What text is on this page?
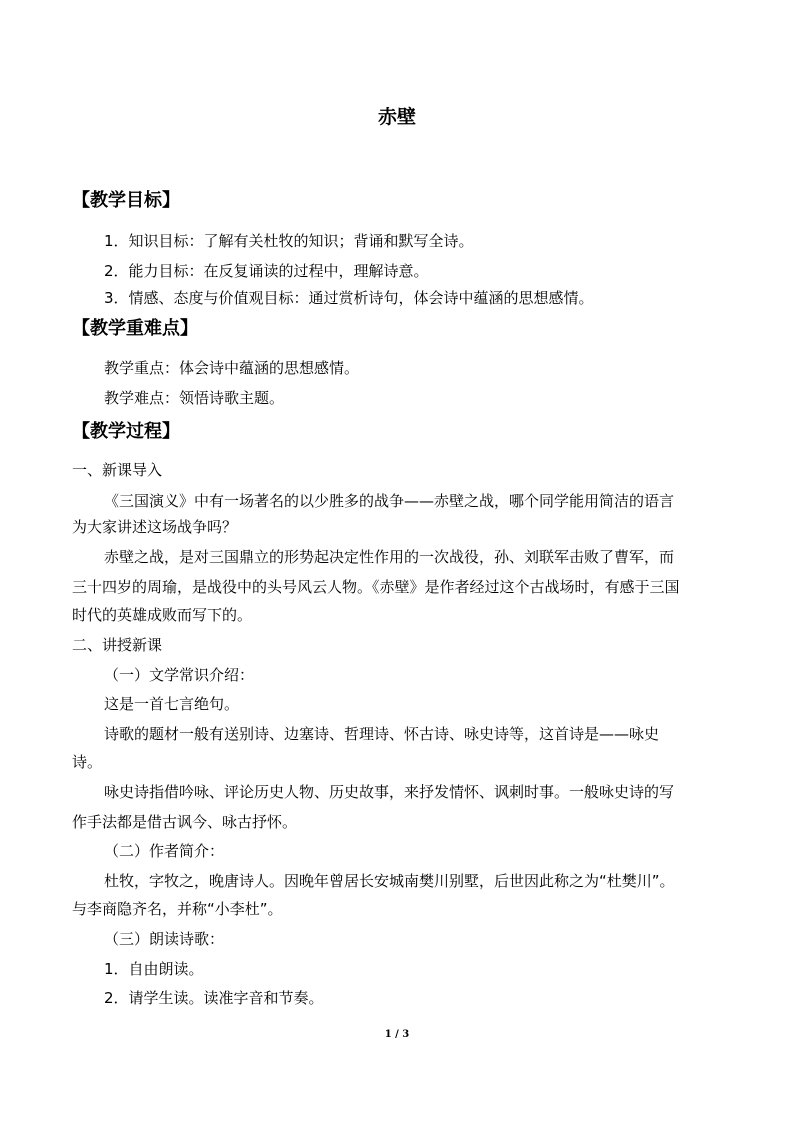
赤壁
【教学目标】
1．知识目标：了解有关杜牧的知识；背诵和默写全诗。
2．能力目标：在反复诵读的过程中，理解诗意。
3．情感、态度与价值观目标：通过赏析诗句，体会诗中蕴涵的思想感情。
【教学重难点】
教学重点：体会诗中蕴涵的思想感情。
教学难点：领悟诗歌主题。
【教学过程】
一、新课导入
《三国演义》中有一场著名的以少胜多的战争——赤壁之战，哪个同学能用简洁的语言
为大家讲述这场战争吗？
赤壁之战，是对三国鼎立的形势起决定性作用的一次战役，孙、刘联军击败了曹军，而
三十四岁的周瑜，是战役中的头号风云人物。《赤壁》是作者经过这个古战场时，有感于三国
时代的英雄成败而写下的。
二、讲授新课
（一）文学常识介绍：
这是一首七言绝句。
诗歌的题材一般有送别诗、边塞诗、哲理诗、怀古诗、咏史诗等，这首诗是——咏史
诗。
咏史诗指借吟咏、评论历史人物、历史故事，来抒发情怀、讽刺时事。一般咏史诗的写
作手法都是借古讽今、咏古抒怀。
（二）作者简介：
杜牧，字牧之，晚唐诗人。因晚年曾居长安城南樊川别墅，后世因此称之为“杜樊川”。
与李商隐齐名，并称“小李杜”。
（三）朗读诗歌：
1．自由朗读。
2．请学生读。读准字音和节奏。
1 / 3
